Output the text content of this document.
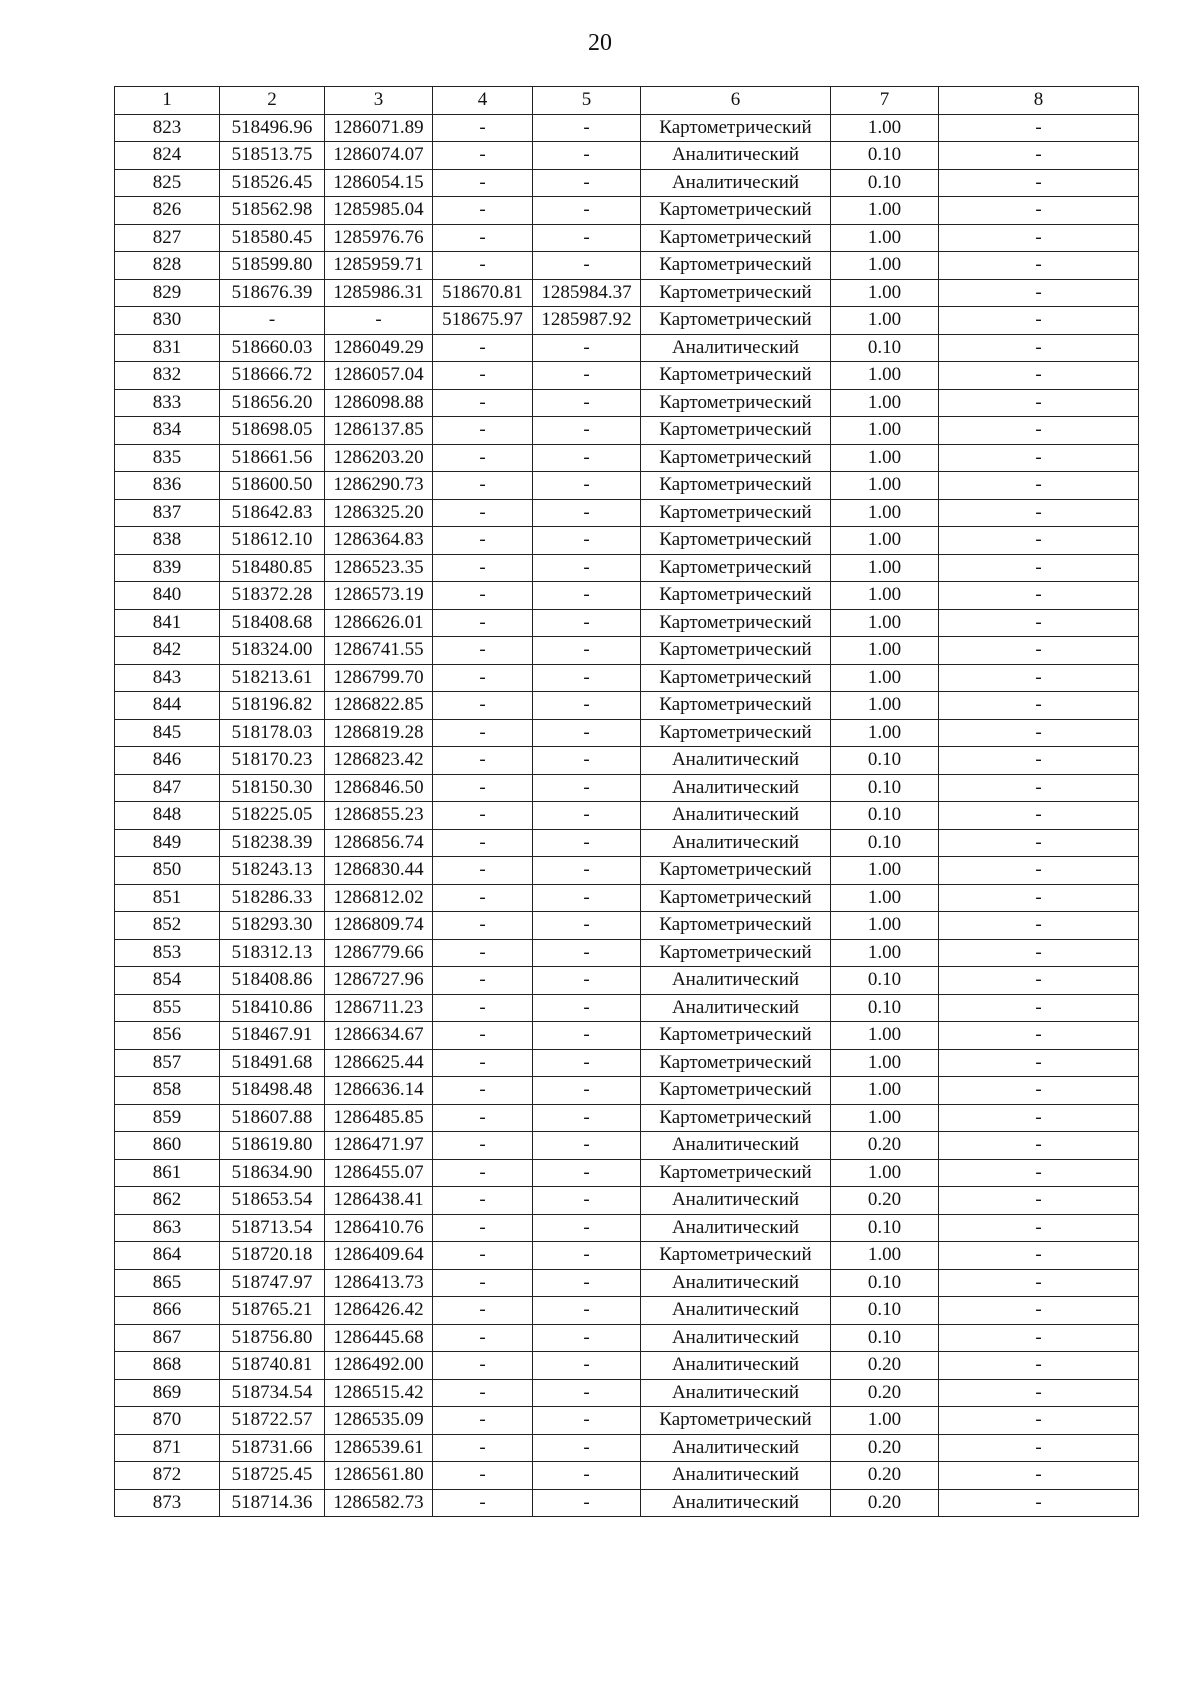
20
1	2	3	4	5	6	7	8
823	518496.96	1286071.89	-	-	Картометрический	1.00	-
824	518513.75	1286074.07	-	-	Аналитический	0.10	-
825	518526.45	1286054.15	-	-	Аналитический	0.10	-
826	518562.98	1285985.04	-	-	Картометрический	1.00	-
827	518580.45	1285976.76	-	-	Картометрический	1.00	-
828	518599.80	1285959.71	-	-	Картометрический	1.00	-
829	518676.39	1285986.31	518670.81	1285984.37	Картометрический	1.00	-
830	-	-	518675.97	1285987.92	Картометрический	1.00	-
831	518660.03	1286049.29	-	-	Аналитический	0.10	-
832	518666.72	1286057.04	-	-	Картометрический	1.00	-
833	518656.20	1286098.88	-	-	Картометрический	1.00	-
834	518698.05	1286137.85	-	-	Картометрический	1.00	-
835	518661.56	1286203.20	-	-	Картометрический	1.00	-
836	518600.50	1286290.73	-	-	Картометрический	1.00	-
837	518642.83	1286325.20	-	-	Картометрический	1.00	-
838	518612.10	1286364.83	-	-	Картометрический	1.00	-
839	518480.85	1286523.35	-	-	Картометрический	1.00	-
840	518372.28	1286573.19	-	-	Картометрический	1.00	-
841	518408.68	1286626.01	-	-	Картометрический	1.00	-
842	518324.00	1286741.55	-	-	Картометрический	1.00	-
843	518213.61	1286799.70	-	-	Картометрический	1.00	-
844	518196.82	1286822.85	-	-	Картометрический	1.00	-
845	518178.03	1286819.28	-	-	Картометрический	1.00	-
846	518170.23	1286823.42	-	-	Аналитический	0.10	-
847	518150.30	1286846.50	-	-	Аналитический	0.10	-
848	518225.05	1286855.23	-	-	Аналитический	0.10	-
849	518238.39	1286856.74	-	-	Аналитический	0.10	-
850	518243.13	1286830.44	-	-	Картометрический	1.00	-
851	518286.33	1286812.02	-	-	Картометрический	1.00	-
852	518293.30	1286809.74	-	-	Картометрический	1.00	-
853	518312.13	1286779.66	-	-	Картометрический	1.00	-
854	518408.86	1286727.96	-	-	Аналитический	0.10	-
855	518410.86	1286711.23	-	-	Аналитический	0.10	-
856	518467.91	1286634.67	-	-	Картометрический	1.00	-
857	518491.68	1286625.44	-	-	Картометрический	1.00	-
858	518498.48	1286636.14	-	-	Картометрический	1.00	-
859	518607.88	1286485.85	-	-	Картометрический	1.00	-
860	518619.80	1286471.97	-	-	Аналитический	0.20	-
861	518634.90	1286455.07	-	-	Картометрический	1.00	-
862	518653.54	1286438.41	-	-	Аналитический	0.20	-
863	518713.54	1286410.76	-	-	Аналитический	0.10	-
864	518720.18	1286409.64	-	-	Картометрический	1.00	-
865	518747.97	1286413.73	-	-	Аналитический	0.10	-
866	518765.21	1286426.42	-	-	Аналитический	0.10	-
867	518756.80	1286445.68	-	-	Аналитический	0.10	-
868	518740.81	1286492.00	-	-	Аналитический	0.20	-
869	518734.54	1286515.42	-	-	Аналитический	0.20	-
870	518722.57	1286535.09	-	-	Картометрический	1.00	-
871	518731.66	1286539.61	-	-	Аналитический	0.20	-
872	518725.45	1286561.80	-	-	Аналитический	0.20	-
873	518714.36	1286582.73	-	-	Аналитический	0.20	-
